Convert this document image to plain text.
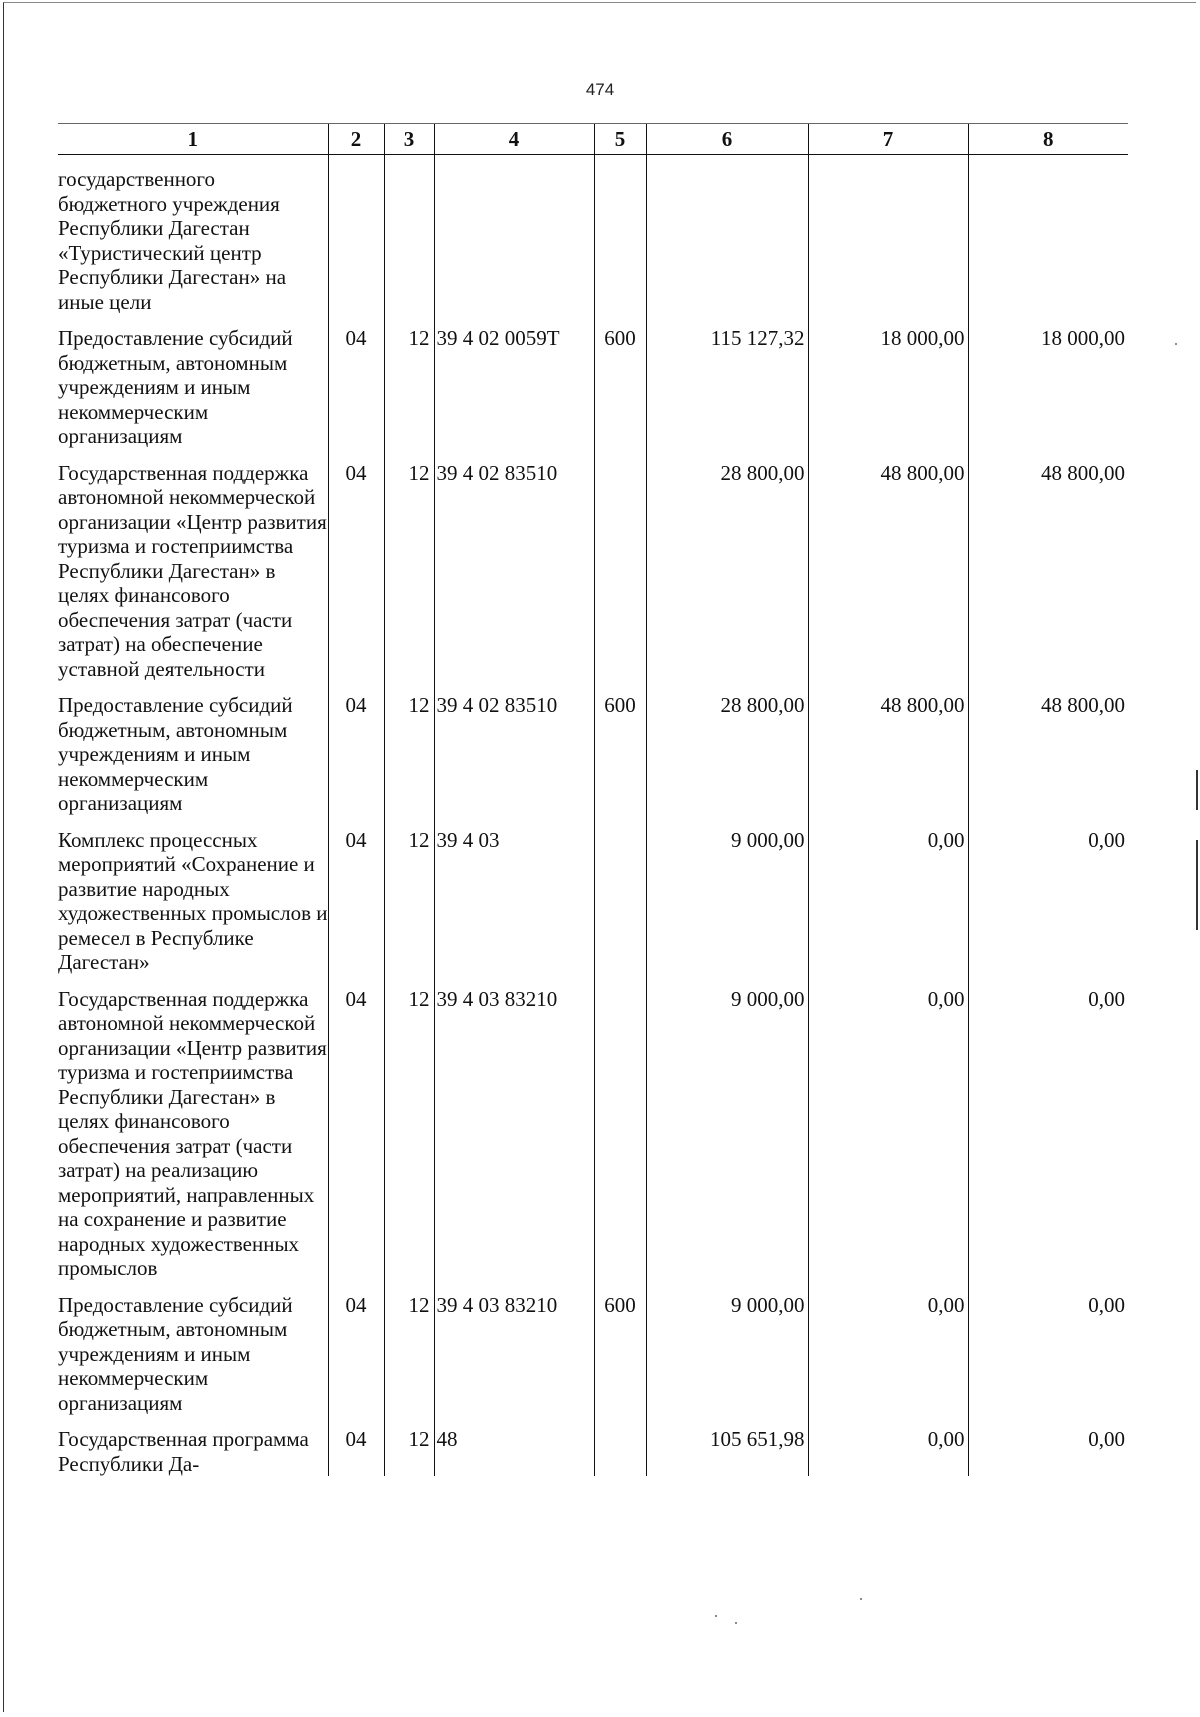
474
1	2	3	4	5	6	7	8

государственного бюджетного учреждения Республики Дагестан «Туристический центр Республики Дагестан» на иные цели							

Предоставление субсидий бюджетным, автономным учреждениям и иным некоммерческим организациям	04	12	39 4 02 0059Т	600	115 127,32	18 000,00	18 000,00

Государственная поддержка автономной некоммерческой организации «Центр развития туризма и гостеприимства Республики Дагестан» в целях финансового обеспечения затрат (части затрат) на обеспечение уставной деятельности	04	12	39 4 02 83510		28 800,00	48 800,00	48 800,00

Предоставление субсидий бюджетным, автономным учреждениям и иным некоммерческим организациям	04	12	39 4 02 83510	600	28 800,00	48 800,00	48 800,00

Комплекс процессных мероприятий «Сохранение и развитие народных художественных промыслов и ремесел в Республике Дагестан»	04	12	39 4 03		9 000,00	0,00	0,00

Государственная поддержка автономной некоммерческой организации «Центр развития туризма и гостеприимства Республики Дагестан» в целях финансового обеспечения затрат (части затрат) на реализацию мероприятий, направленных на сохранение и развитие народных художественных промыслов	04	12	39 4 03 83210		9 000,00	0,00	0,00

Предоставление субсидий бюджетным, автономным учреждениям и иным некоммерческим организациям	04	12	39 4 03 83210	600	9 000,00	0,00	0,00

Государственная программа Республики Да-	04	12	48		105 651,98	0,00	0,00
